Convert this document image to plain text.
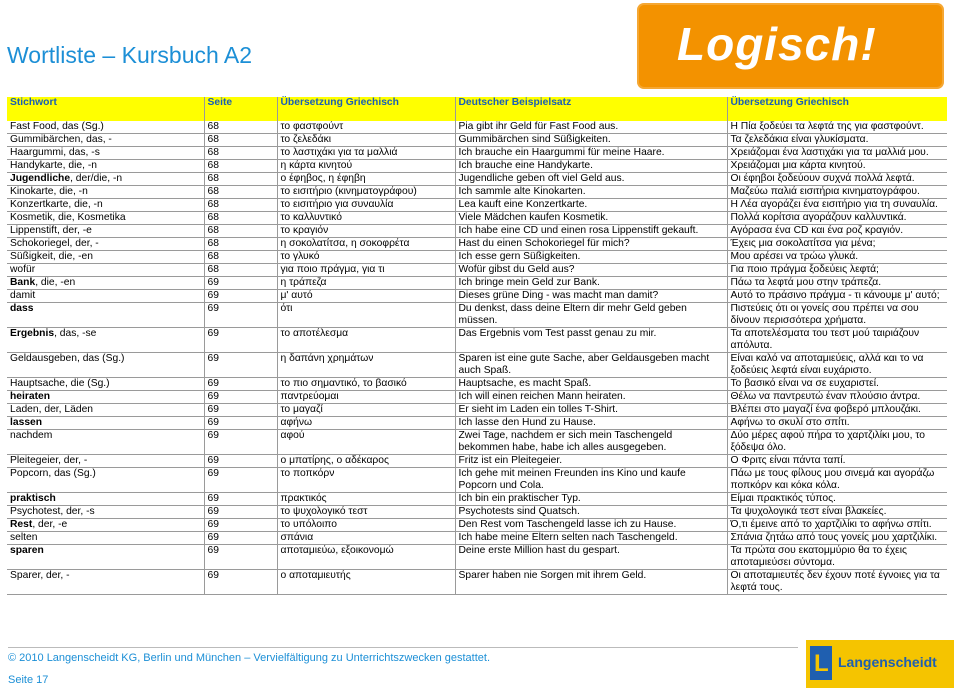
Wortliste – Kursbuch A2	Logisch!
Stichwort	Seite	Übersetzung Griechisch	Deutscher Beispielsatz	Übersetzung Griechisch
Fast Food, das (Sg.)	68	το φαστφούντ	Pia gibt ihr Geld für Fast Food aus.	Η Πία ξοδεύει τα λεφτά της για φαστφούντ.
Gummibärchen, das, -	68	το ζελεδάκι	Gummibärchen sind Süßigkeiten.	Τα ζελεδάκια είναι γλυκίσματα.
Haargummi, das, -s	68	το λαστιχάκι για τα μαλλιά	Ich brauche ein Haargummi für meine Haare.	Χρειάζομαι ένα λαστιχάκι για τα μαλλιά μου.
Handykarte, die, -n	68	η κάρτα κινητού	Ich brauche eine Handykarte.	Χρειάζομαι μια κάρτα κινητού.
Jugendliche, der/die, -n	68	ο έφηβος, η έφηβη	Jugendliche geben oft viel Geld aus.	Οι έφηβοι ξοδεύουν συχνά πολλά λεφτά.
Kinokarte, die, -n	68	το εισιτήριο (κινηματογράφου)	Ich sammle alte Kinokarten.	Μαζεύω παλιά εισιτήρια κινηματογράφου.
Konzertkarte, die, -n	68	το εισιτήριο για συναυλία	Lea kauft eine Konzertkarte.	Η Λέα αγοράζει ένα εισιτήριο για τη συναυλία.
Kosmetik, die, Kosmetika	68	το καλλυντικό	Viele Mädchen kaufen Kosmetik.	Πολλά κορίτσια αγοράζουν καλλυντικά.
Lippenstift, der, -e	68	το κραγιόν	Ich habe eine CD und einen rosa Lippenstift gekauft.	Αγόρασα ένα CD και ένα ροζ κραγιόν.
Schokoriegel, der, -	68	η σοκολατίτσα, η σοκοφρέτα	Hast du einen Schokoriegel für mich?	Έχεις μια σοκολατίτσα για μένα;
Süßigkeit, die, -en	68	το γλυκό	Ich esse gern Süßigkeiten.	Μου αρέσει να τρώω γλυκά.
wofür	68	για ποιο πράγμα, για τι	Wofür gibst du Geld aus?	Για ποιο πράγμα ξοδεύεις λεφτά;
Bank, die, -en	69	η τράπεζα	Ich bringe mein Geld zur Bank.	Πάω τα λεφτά μου στην τράπεζα.
damit	69	μ' αυτό	Dieses grüne Ding - was macht man damit?	Αυτό το πράσινο πράγμα - τι κάνουμε μ' αυτό;
dass	69	ότι	Du denkst, dass deine Eltern dir mehr Geld geben müssen.	Πιστεύεις ότι οι γονείς σου πρέπει να σου δίνουν περισσότερα χρήματα.
Ergebnis, das, -se	69	το αποτέλεσμα	Das Ergebnis vom Test passt genau zu mir.	Τα αποτελέσματα του τεστ μού ταιριάζουν απόλυτα.
Geldausgeben, das (Sg.)	69	η δαπάνη χρημάτων	Sparen ist eine gute Sache, aber Geldausgeben macht auch Spaß.	Είναι καλό να αποταμιεύεις, αλλά και το να ξοδεύεις λεφτά είναι ευχάριστο.
Hauptsache, die (Sg.)	69	το πιο σημαντικό, το βασικό	Hauptsache, es macht Spaß.	Το βασικό είναι να σε ευχαριστεί.
heiraten	69	παντρεύομαι	Ich will einen reichen Mann heiraten.	Θέλω να παντρευτώ έναν πλούσιο άντρα.
Laden, der, Läden	69	το μαγαζί	Er sieht im Laden ein tolles T-Shirt.	Βλέπει στο μαγαζί ένα φοβερό μπλουζάκι.
lassen	69	αφήνω	Ich lasse den Hund zu Hause.	Αφήνω το σκυλί στο σπίτι.
nachdem	69	αφού	Zwei Tage, nachdem er sich mein Taschengeld bekommen habe, habe ich alles ausgegeben.	Δύο μέρες αφού πήρα το χαρτζιλίκι μου, το ξόδεψα όλο.
Pleitegeier, der, -	69	ο μπατίρης, ο αδέκαρος	Fritz ist ein Pleitegeier.	Ο Φριτς είναι πάντα ταπί.
Popcorn, das (Sg.)	69	το ποπκόρν	Ich gehe mit meinen Freunden ins Kino und kaufe Popcorn und Cola.	Πάω με τους φίλους μου σινεμά και αγοράζω ποπκόρν και κόκα κόλα.
praktisch	69	πρακτικός	Ich bin ein praktischer Typ.	Είμαι πρακτικός τύπος.
Psychotest, der, -s	69	το ψυχολογικό τεστ	Psychotests sind Quatsch.	Τα ψυχολογικά τεστ είναι βλακείες.
Rest, der, -e	69	το υπόλοιπο	Den Rest vom Taschengeld lasse ich zu Hause.	Ό,τι έμεινε από το χαρτζιλίκι το αφήνω σπίτι.
selten	69	σπάνια	Ich habe meine Eltern selten nach Taschengeld.	Σπάνια ζητάω από τους γονείς μου χαρτζιλίκι.
sparen	69	αποταμιεύω, εξοικονομώ	Deine erste Million hast du gespart.	Τα πρώτα σου εκατομμύριο θα το έχεις αποταμιεύσει σύντομα.
Sparer, der, -	69	ο αποταμιευτής	Sparer haben nie Sorgen mit ihrem Geld.	Οι αποταμιευτές δεν έχουν ποτέ έγνοιες για τα λεφτά τους.
© 2010 Langenscheidt KG, Berlin und München – Vervielfältigung zu Unterrichtszwecken gestattet.
Seite 17
L
Langenscheidt
